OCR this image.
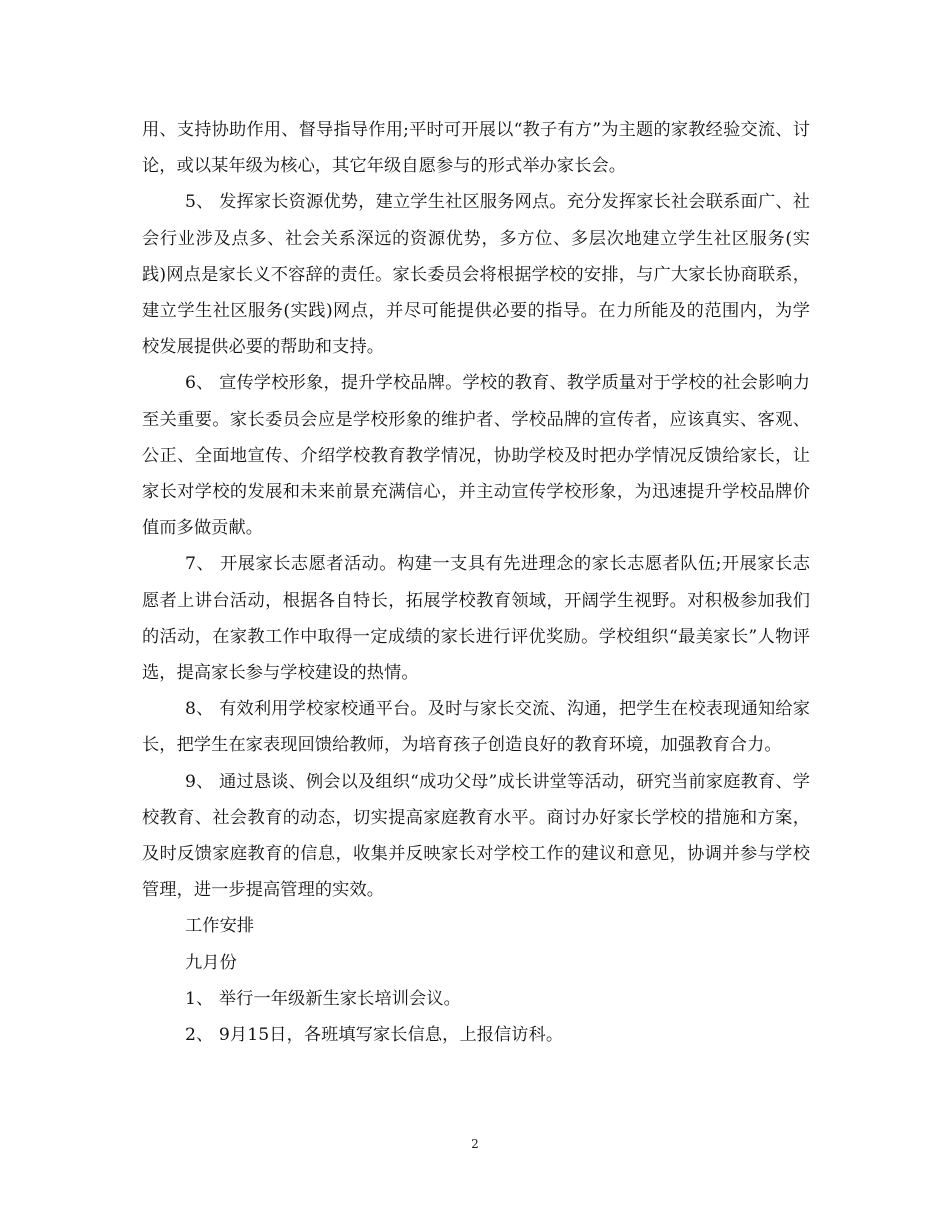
用、支持协助作用、督导指导作用;平时可开展以“教子有方”为主题的家教经验交流、讨论，或以某年级为核心，其它年级自愿参与的形式举办家长会。

5、 发挥家长资源优势，建立学生社区服务网点。充分发挥家长社会联系面广、社会行业涉及点多、社会关系深远的资源优势，多方位、多层次地建立学生社区服务(实践)网点是家长义不容辞的责任。家长委员会将根据学校的安排，与广大家长协商联系，建立学生社区服务(实践)网点，并尽可能提供必要的指导。在力所能及的范围内，为学校发展提供必要的帮助和支持。

6、 宣传学校形象，提升学校品牌。学校的教育、教学质量对于学校的社会影响力至关重要。家长委员会应是学校形象的维护者、学校品牌的宣传者，应该真实、客观、公正、全面地宣传、介绍学校教育教学情况，协助学校及时把办学情况反馈给家长，让家长对学校的发展和未来前景充满信心，并主动宣传学校形象，为迅速提升学校品牌价值而多做贡献。

7、 开展家长志愿者活动。构建一支具有先进理念的家长志愿者队伍;开展家长志愿者上讲台活动，根据各自特长，拓展学校教育领域，开阔学生视野。对积极参加我们的活动，在家教工作中取得一定成绩的家长进行评优奖励。学校组织“最美家长”人物评选，提高家长参与学校建设的热情。

8、 有效利用学校家校通平台。及时与家长交流、沟通，把学生在校表现通知给家长，把学生在家表现回馈给教师，为培育孩子创造良好的教育环境，加强教育合力。

9、 通过恳谈、例会以及组织“成功父母”成长讲堂等活动，研究当前家庭教育、学校教育、社会教育的动态，切实提高家庭教育水平。商讨办好家长学校的措施和方案，及时反馈家庭教育的信息，收集并反映家长对学校工作的建议和意见，协调并参与学校管理，进一步提高管理的实效。

工作安排

九月份

1、 举行一年级新生家长培训会议。

2、 9月15日，各班填写家长信息，上报信访科。

2
